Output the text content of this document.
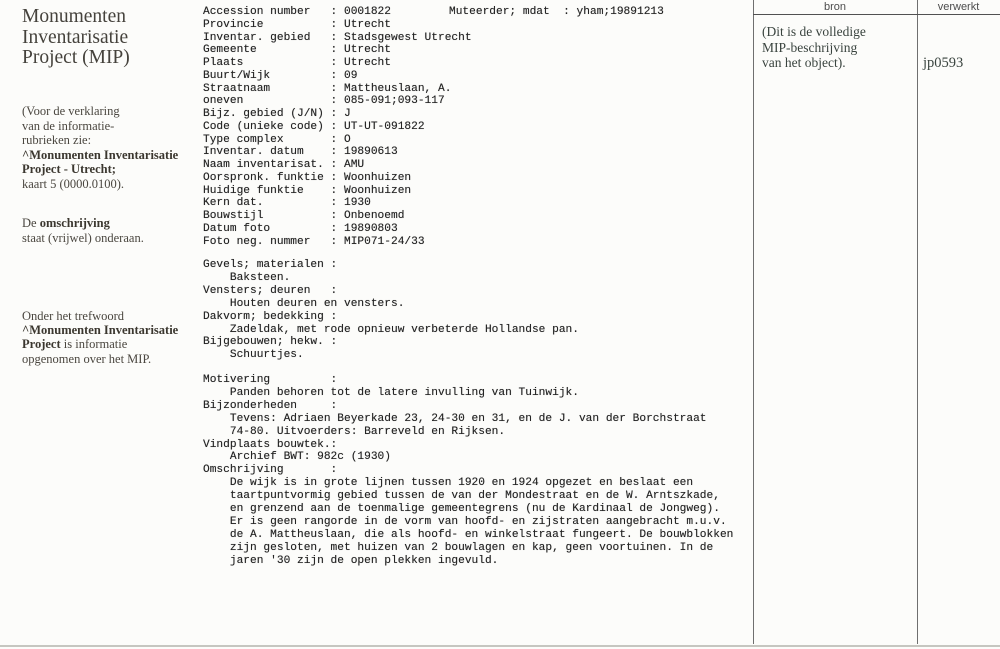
Monumenten
Inventarisatie
Project (MIP)
(Voor de verklaring
van de informatie-
rubrieken zie:
^Monumenten Inventarisatie
Project - Utrecht;
kaart 5 (0000.0100).
De omschrijving
staat (vrijwel) onderaan.
Onder het trefwoord
^Monumenten Inventarisatie
Project is informatie
opgenomen over het MIP.
Muteerder; mdat  : yham;19891213
Accession number   : 0001822
Provincie          : Utrecht
Inventar. gebied   : Stadsgewest Utrecht
Gemeente           : Utrecht
Plaats             : Utrecht
Buurt/Wijk         : 09
Straatnaam         : Mattheuslaan, A.
oneven             : 085-091;093-117
Bijz. gebied (J/N) : J
Code (unieke code) : UT-UT-091822
Type complex       : O
Inventar. datum    : 19890613
Naam inventarisat. : AMU
Oorspronk. funktie : Woonhuizen
Huidige funktie    : Woonhuizen
Kern dat.          : 1930
Bouwstijl          : Onbenoemd
Datum foto         : 19890803
Foto neg. nummer   : MIP071-24/33
Gevels; materialen :
Baksteen.
Vensters; deuren   :
Houten deuren en vensters.
Dakvorm; bedekking :
Zadeldak, met rode opnieuw verbeterde Hollandse pan.
Bijgebouwen; hekw. :
Schuurtjes.
Motivering         :
Panden behoren tot de latere invulling van Tuinwijk.
Bijzonderheden     :
Tevens: Adriaen Beyerkade 23, 24-30 en 31, en de J. van der Borchstraat
74-80. Uitvoerders: Barreveld en Rijksen.
Vindplaats bouwtek.:
Archief BWT: 982c (1930)
Omschrijving       :
De wijk is in grote lijnen tussen 1920 en 1924 opgezet en beslaat een
taartpuntvormig gebied tussen de van der Mondestraat en de W. Arntszkade,
en grenzend aan de toenmalige gemeentegrens (nu de Kardinaal de Jongweg).
Er is geen rangorde in de vorm van hoofd- en zijstraten aangebracht m.u.v.
de A. Mattheuslaan, die als hoofd- en winkelstraat fungeert. De bouwblokken
zijn gesloten, met huizen van 2 bouwlagen en kap, geen voortuinen. In de
jaren '30 zijn de open plekken ingevuld.
bron	verwerkt
(Dit is de volledige
MIP-beschrijving
van het object).	jp0593
